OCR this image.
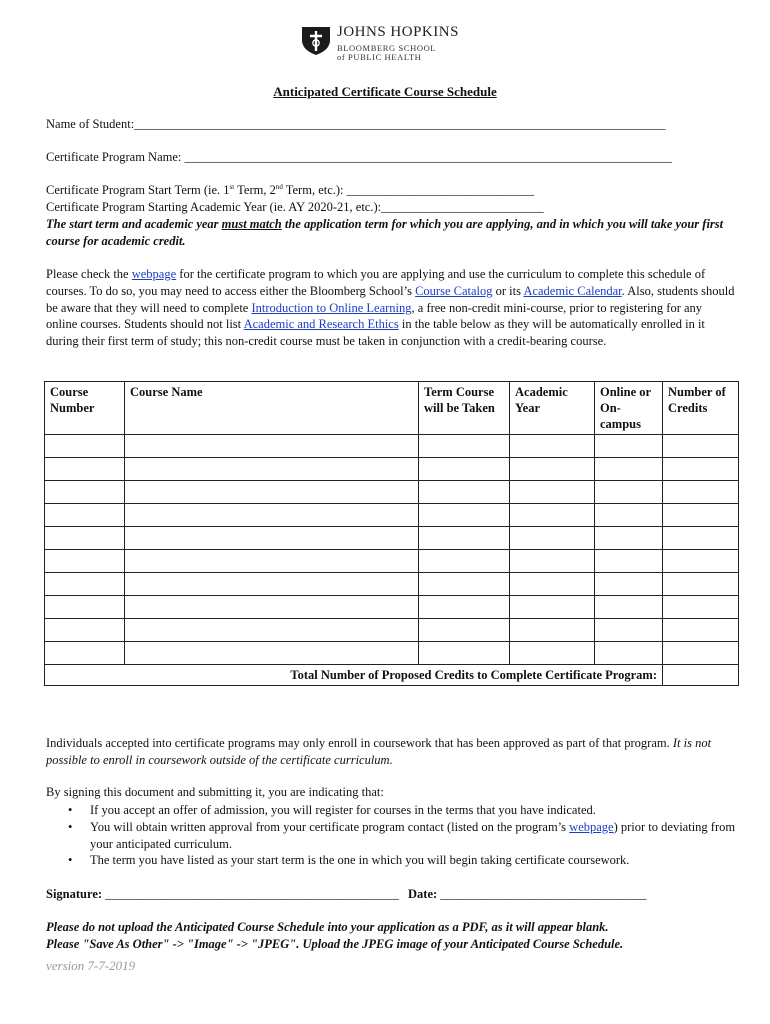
JOHNS HOPKINS
BLOOMBERG SCHOOL
of PUBLIC HEALTH
Anticipated Certificate Course Schedule
Name of Student:_____________________________________________________________________________________
Certificate Program Name: ______________________________________________________________________________
Certificate Program Start Term (ie. 1st Term, 2nd Term, etc.): ______________________________
Certificate Program Starting Academic Year (ie. AY 2020-21, etc.):__________________________
The start term and academic year must match the application term for which you are applying, and in which you will take your first course for academic credit.
Please check the webpage for the certificate program to which you are applying and use the curriculum to complete this schedule of courses. To do so, you may need to access either the Bloomberg School’s Course Catalog or its Academic Calendar. Also, students should be aware that they will need to complete Introduction to Online Learning, a free non-credit mini-course, prior to registering for any online courses. Students should not list Academic and Research Ethics in the table below as they will be automatically enrolled in it during their first term of study; this non-credit course must be taken in conjunction with a credit-bearing course.
Course Number	Course Name	Term Course will be Taken	Academic Year	Online or On-campus	Number of Credits

Total Number of Proposed Credits to Complete Certificate Program:					
Individuals accepted into certificate programs may only enroll in coursework that has been approved as part of that program. It is not possible to enroll in coursework outside of the certificate curriculum.
By signing this document and submitting it, you are indicating that:
• If you accept an offer of admission, you will register for courses in the terms that you have indicated.
• You will obtain written approval from your certificate program contact (listed on the program’s webpage) prior to deviating from your anticipated curriculum.
• The term you have listed as your start term is the one in which you will begin taking certificate coursework.
Signature: _______________________________________________ Date: _________________________________
Please do not upload the Anticipated Course Schedule into your application as a PDF, as it will appear blank.
Please "Save As Other" -> "Image" -> "JPEG". Upload the JPEG image of your Anticipated Course Schedule.
version 7-7-2019
